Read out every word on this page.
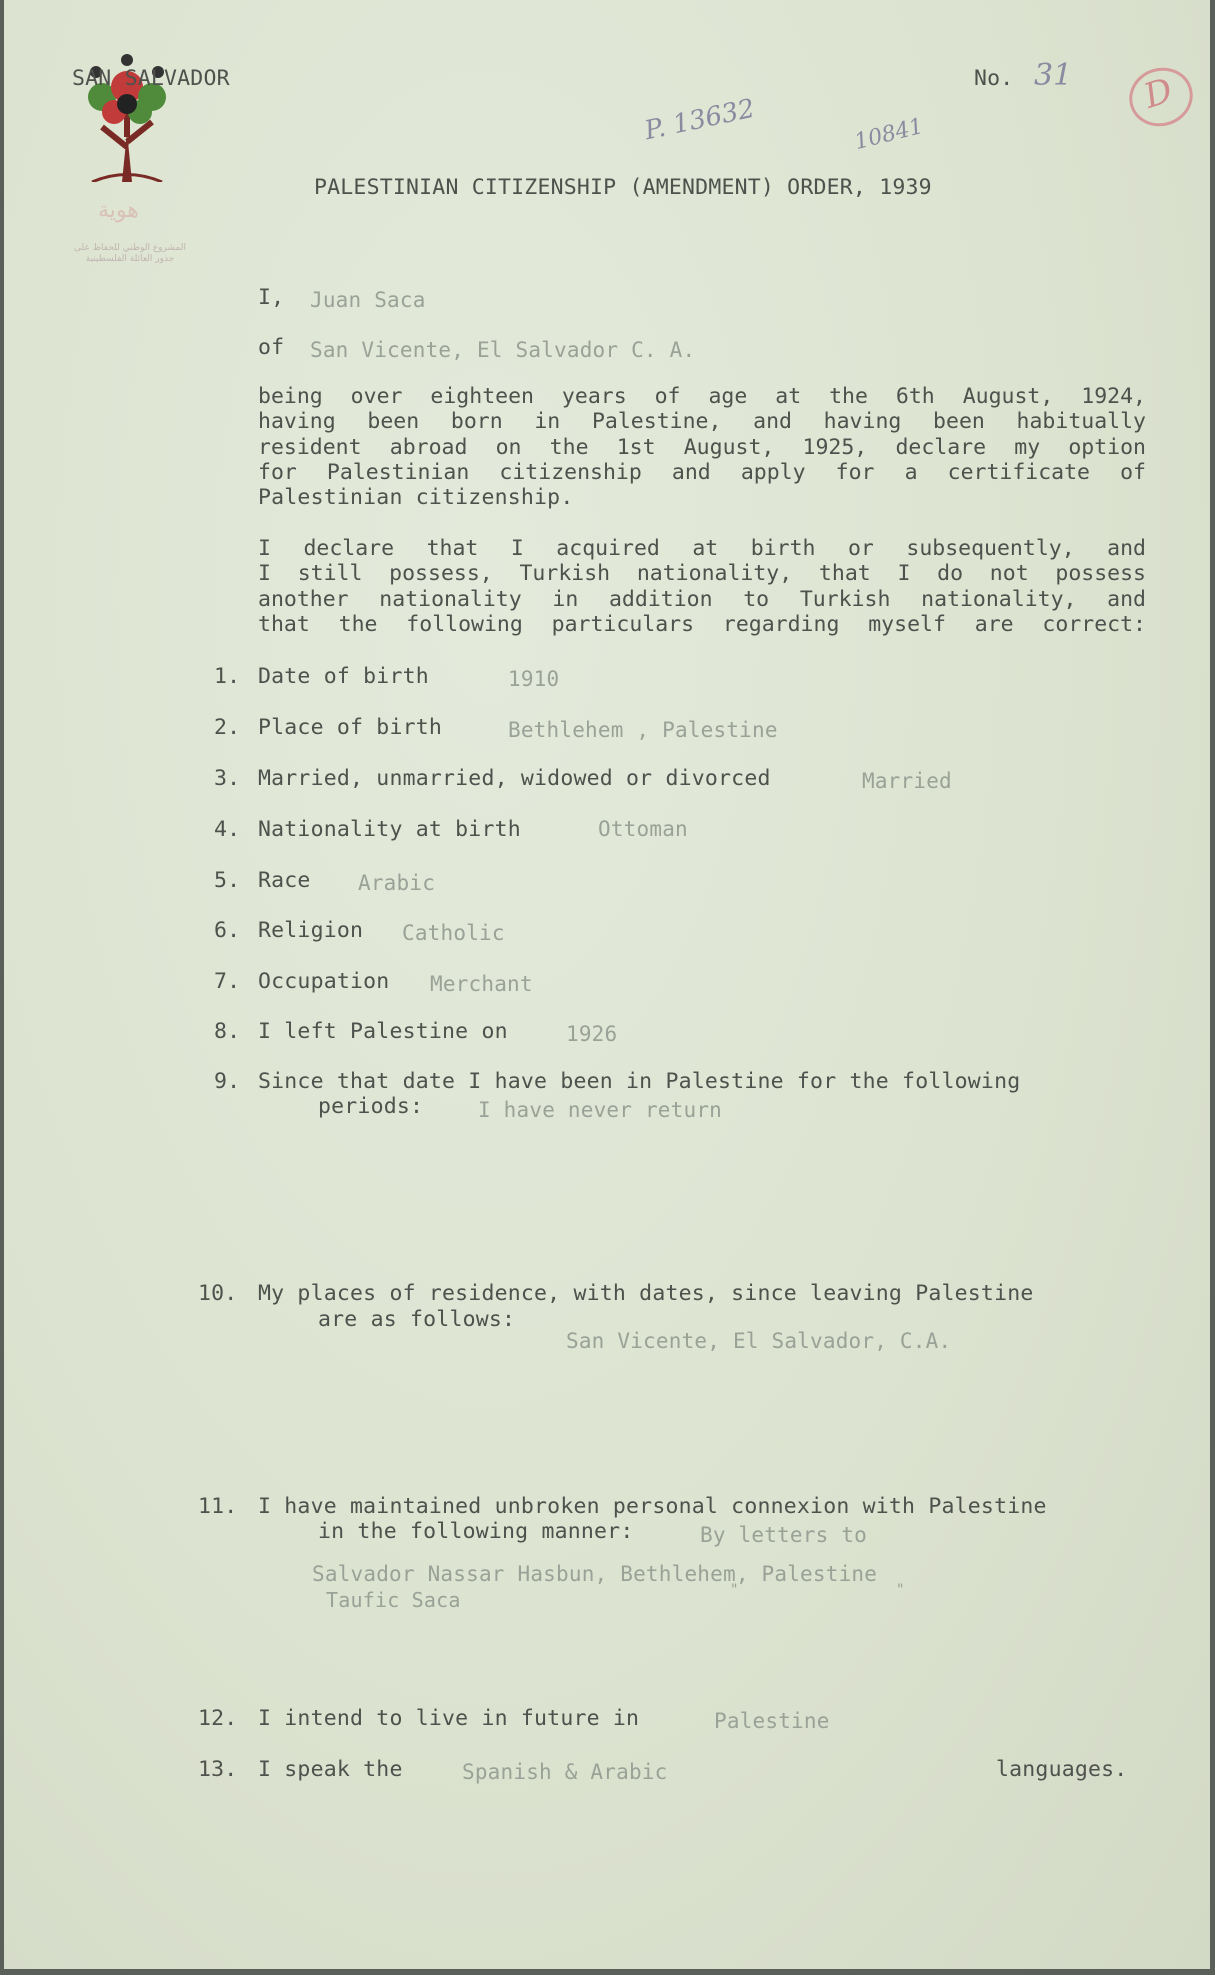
هوية
المشروع الوطني للحفاظ على جذور العائلة الفلسطينية
SAN SALVADOR	No. 31 D
P. 13632	10841
PALESTINIAN CITIZENSHIP (AMENDMENT) ORDER, 1939
I, Juan Saca
of San Vicente, El Salvador C. A.
being over eighteen years of age at the 6th August, 1924,
having been born in Palestine, and having been habitually
resident abroad on the 1st August, 1925, declare my option
for Palestinian citizenship and apply for a certificate of
Palestinian citizenship.
I declare that I acquired at birth or subsequently, and
I still possess, Turkish nationality, that I do not possess
another nationality in addition to Turkish nationality, and
that the following particulars regarding myself are correct:
1. Date of birth	1910
2. Place of birth	Bethlehem , Palestine
3. Married, unmarried, widowed or divorced	Married
4. Nationality at birth	Ottoman
5. Race Arabic
6. Religion Catholic
7. Occupation Merchant
8. I left Palestine on	1926
9. Since that date I have been in Palestine for the following
periods:	I have never return
10. My places of residence, with dates, since leaving Palestine
are as follows:
San Vicente, El Salvador, C.A.
11. I have maintained unbroken personal connexion with Palestine
in the following manner:	By letters to
Salvador Nassar Hasbun, Bethlehem, Palestine
Taufic Saca	"	"
12. I intend to live in future in	Palestine
13. I speak the	Spanish & Arabic	languages.
